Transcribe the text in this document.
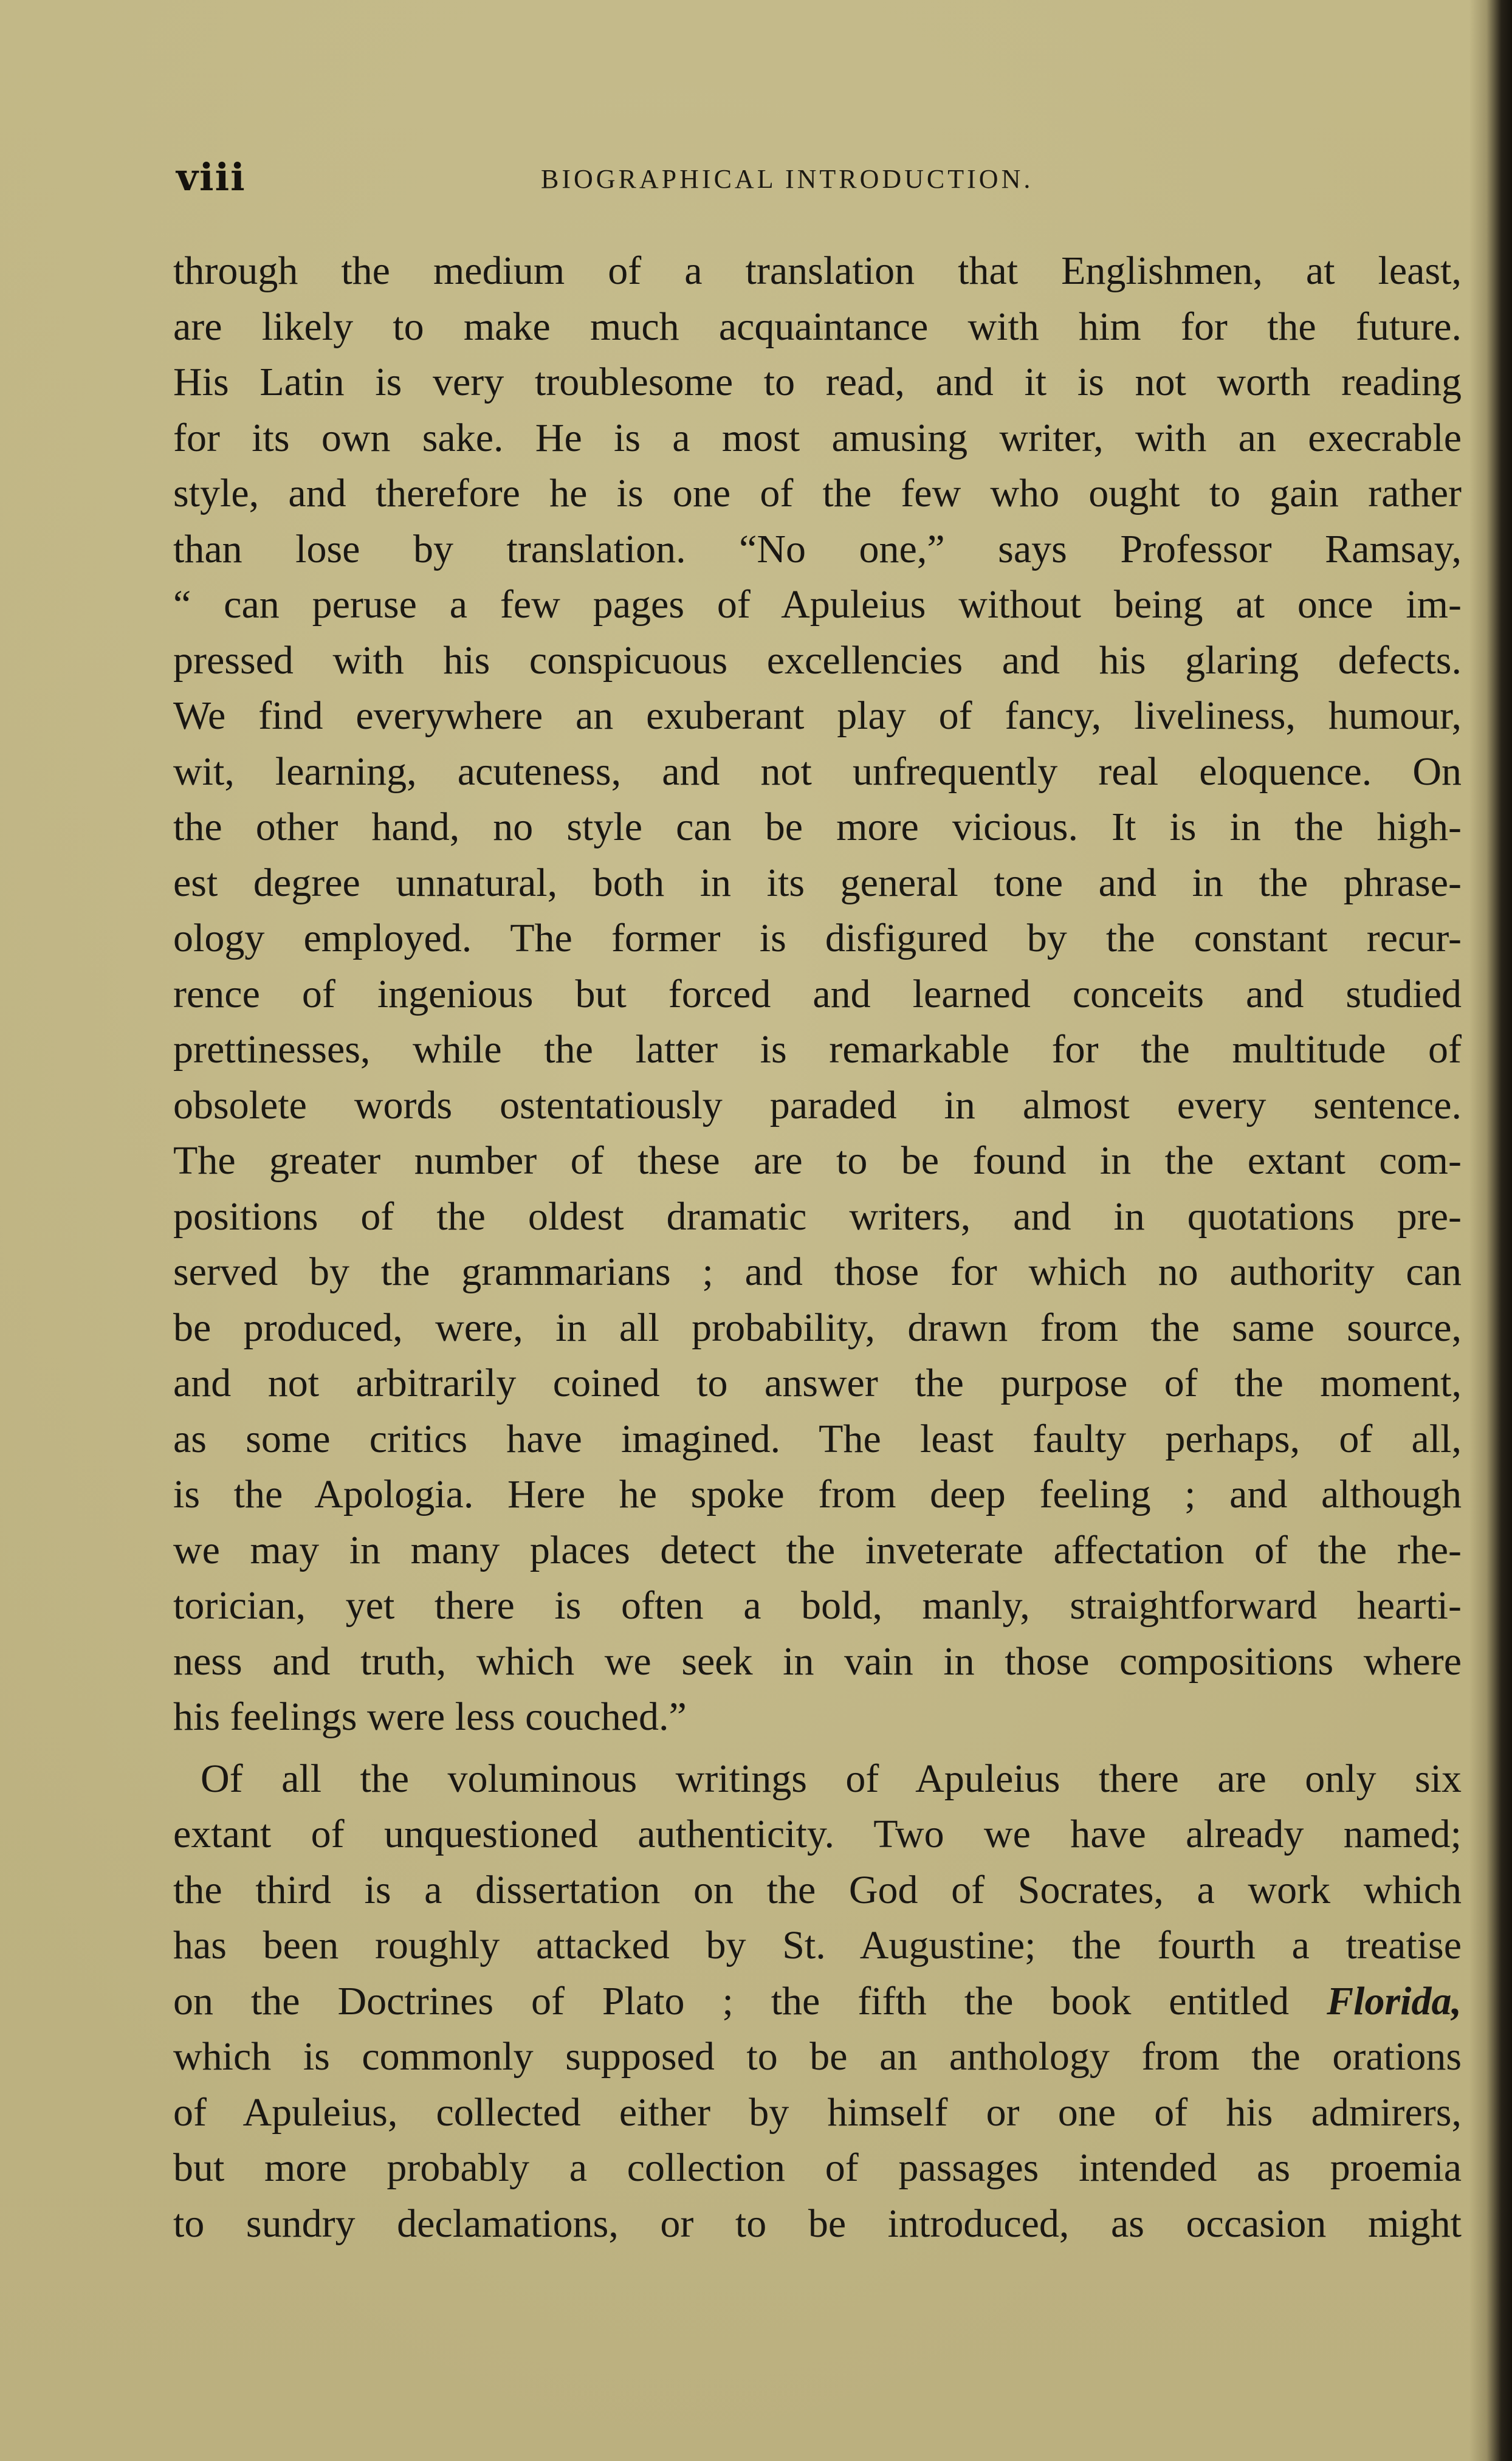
viii	BIOGRAPHICAL INTRODUCTION.
through the medium of a translation that Englishmen, at least,
are likely to make much acquaintance with him for the future.
His Latin is very troublesome to read, and it is not worth reading
for its own sake. He is a most amusing writer, with an execrable
style, and therefore he is one of the few who ought to gain rather
than lose by translation. “No one,” says Professor Ramsay,
“ can peruse a few pages of Apuleius without being at once im-
pressed with his conspicuous excellencies and his glaring defects.
We find everywhere an exuberant play of fancy, liveliness, humour,
wit, learning, acuteness, and not unfrequently real eloquence. On
the other hand, no style can be more vicious. It is in the high-
est degree unnatural, both in its general tone and in the phrase-
ology employed. The former is disfigured by the constant recur-
rence of ingenious but forced and learned conceits and studied
prettinesses, while the latter is remarkable for the multitude of
obsolete words ostentatiously paraded in almost every sentence.
The greater number of these are to be found in the extant com-
positions of the oldest dramatic writers, and in quotations pre-
served by the grammarians ; and those for which no authority can
be produced, were, in all probability, drawn from the same source,
and not arbitrarily coined to answer the purpose of the moment,
as some critics have imagined. The least faulty perhaps, of all,
is the Apologia. Here he spoke from deep feeling ; and although
we may in many places detect the inveterate affectation of the rhe-
torician, yet there is often a bold, manly, straightforward hearti-
ness and truth, which we seek in vain in those compositions where
his feelings were less couched.”
Of all the voluminous writings of Apuleius there are only six
extant of unquestioned authenticity. Two we have already named;
the third is a dissertation on the God of Socrates, a work which
has been roughly attacked by St. Augustine; the fourth a treatise
on the Doctrines of Plato ; the fifth the book entitled Florida,
which is commonly supposed to be an anthology from the orations
of Apuleius, collected either by himself or one of his admirers,
but more probably a collection of passages intended as proemia
to sundry declamations, or to be introduced, as occasion might
